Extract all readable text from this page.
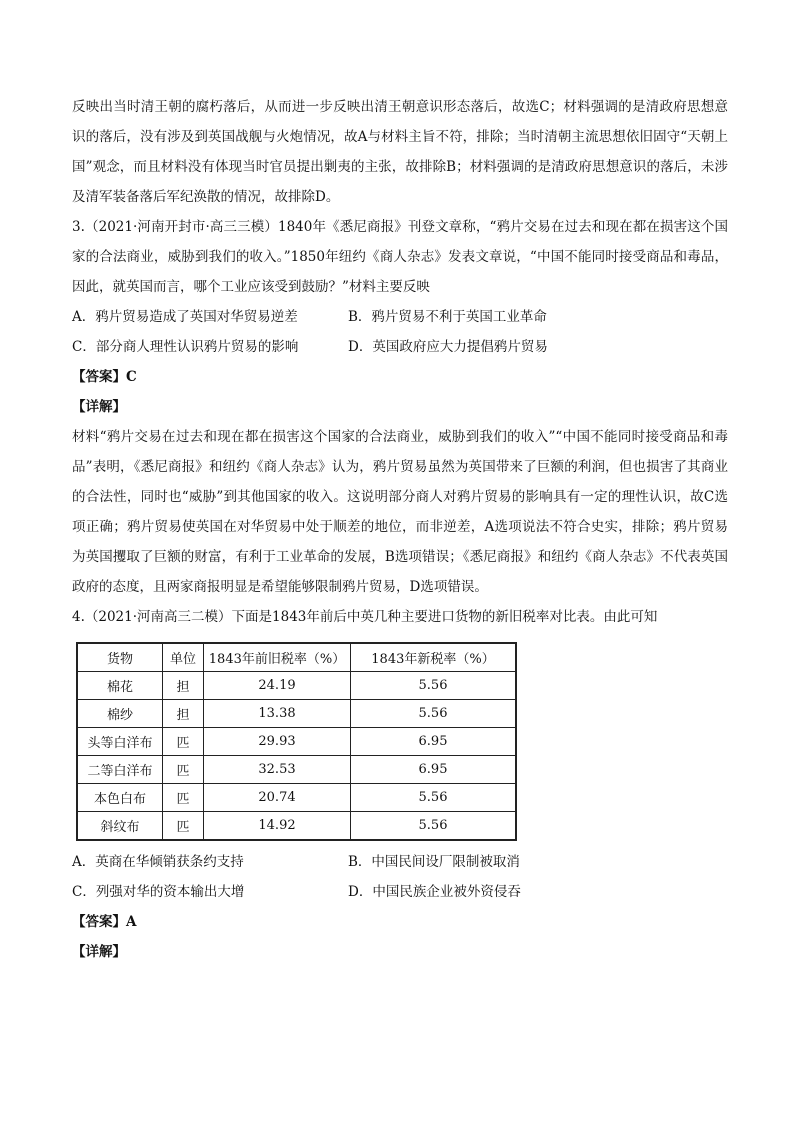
反映出当时清王朝的腐朽落后，从而进一步反映出清王朝意识形态落后，故选C；材料强调的是清政府思想意识的落后，没有涉及到英国战舰与火炮情况，故A与材料主旨不符，排除；当时清朝主流思想依旧固守“天朝上国”观念，而且材料没有体现当时官员提出剿夷的主张，故排除B；材料强调的是清政府思想意识的落后，未涉及清军装备落后军纪涣散的情况，故排除D。

3.（2021·河南开封市·高三三模）1840年《悉尼商报》刊登文章称，“鸦片交易在过去和现在都在损害这个国家的合法商业，威胁到我们的收入。”1850年纽约《商人杂志》发表文章说，“中国不能同时接受商品和毒品，因此，就英国而言，哪个工业应该受到鼓励？”材料主要反映

A．鸦片贸易造成了英国对华贸易逆差	B．鸦片贸易不利于英国工业革命
C．部分商人理性认识鸦片贸易的影响	D．英国政府应大力提倡鸦片贸易
【答案】C
【详解】

材料“鸦片交易在过去和现在都在损害这个国家的合法商业，威胁到我们的收入”“中国不能同时接受商品和毒品”表明，《悉尼商报》和纽约《商人杂志》认为，鸦片贸易虽然为英国带来了巨额的利润，但也损害了其商业的合法性，同时也“威胁”到其他国家的收入。这说明部分商人对鸦片贸易的影响具有一定的理性认识，故C选项正确；鸦片贸易使英国在对华贸易中处于顺差的地位，而非逆差，A选项说法不符合史实，排除；鸦片贸易为英国攫取了巨额的财富，有利于工业革命的发展，B选项错误；《悉尼商报》和纽约《商人杂志》不代表英国政府的态度，且两家商报明显是希望能够限制鸦片贸易，D选项错误。

4.（2021·河南高三二模）下面是1843年前后中英几种主要进口货物的新旧税率对比表。由此可知

货物	单位	1843年前旧税率（%）	1843年新税率（%）
棉花	担	24.19	5.56
棉纱	担	13.38	5.56
头等白洋布	匹	29.93	6.95
二等白洋布	匹	32.53	6.95
本色白布	匹	20.74	5.56
斜纹布	匹	14.92	5.56
A．英商在华倾销获条约支持	B．中国民间设厂限制被取消
C．列强对华的资本输出大增	D．中国民族企业被外资侵吞
【答案】A
【详解】
